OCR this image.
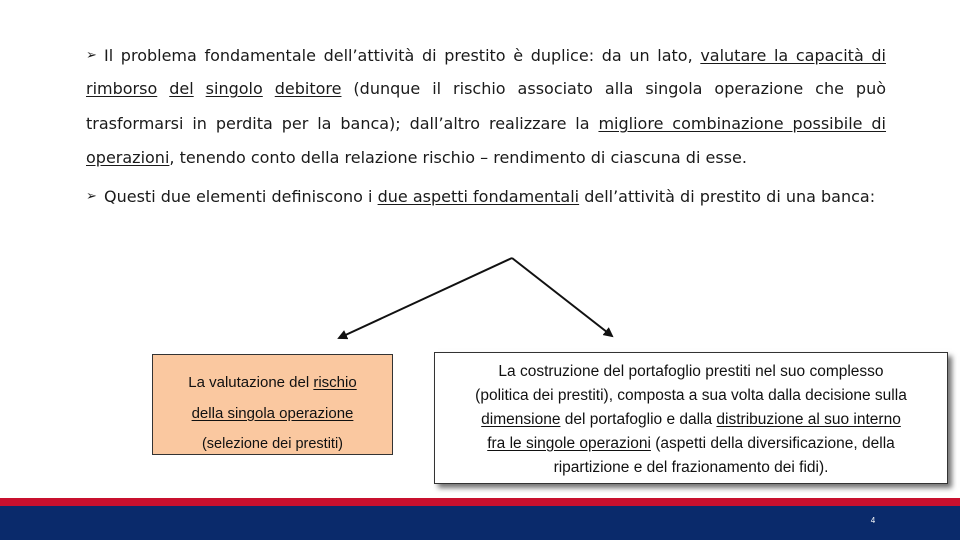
➢ Il problema fondamentale dell’attività di prestito è duplice: da un lato, valutare la capacità di
rimborso del singolo debitore (dunque il rischio associato alla singola operazione che può
trasformarsi in perdita per la banca); dall’altro realizzare la migliore combinazione possibile di
operazioni, tenendo conto della relazione rischio – rendimento di ciascuna di esse.
➢ Questi due elementi definiscono i due aspetti fondamentali dell’attività di prestito di una banca:
La valutazione del rischio
della singola operazione
(selezione dei prestiti)
La costruzione del portafoglio prestiti nel suo complesso
(politica dei prestiti), composta a sua volta dalla decisione sulla
dimensione del portafoglio e dalla distribuzione al suo interno
fra le singole operazioni (aspetti della diversificazione, della
ripartizione e del frazionamento dei fidi).
4
